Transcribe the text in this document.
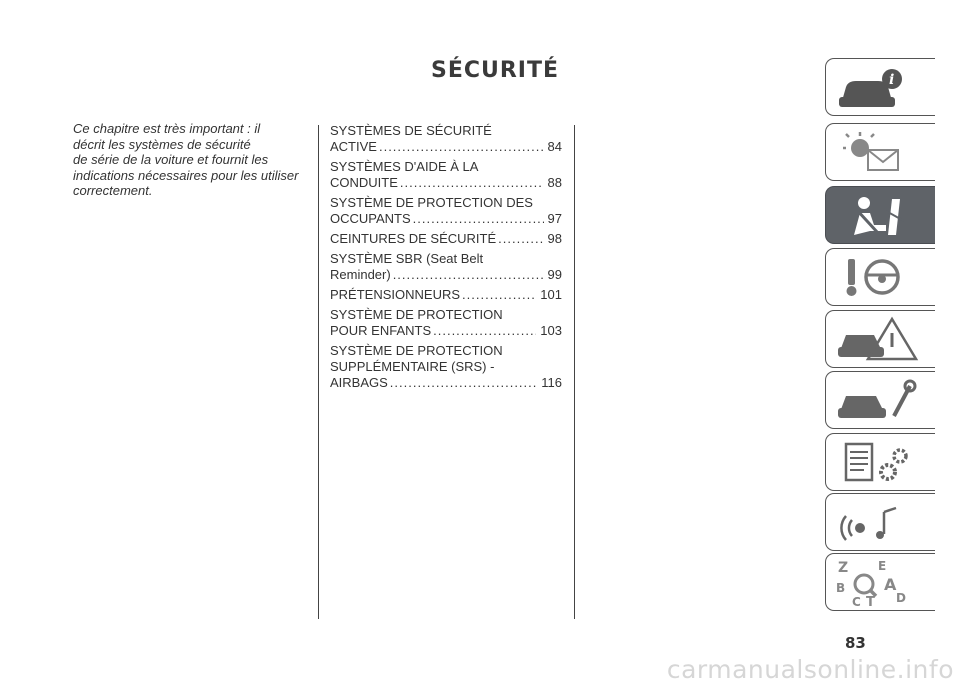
SÉCURITÉ
Ce chapitre est très important : il
décrit les systèmes de sécurité
de série de la voiture et fournit les
indications nécessaires pour les utiliser
correctement.
SYSTÈMES DE SÉCURITÉ
ACTIVE .....	84
SYSTÈMES D'AIDE À LA
CONDUITE .....	88
SYSTÈME DE PROTECTION DES
OCCUPANTS .....	97
CEINTURES DE SÉCURITÉ .....	98
SYSTÈME SBR (Seat Belt
Reminder) .....	99
PRÉTENSIONNEURS .....	101
SYSTÈME DE PROTECTION
POUR ENFANTS .....	103
SYSTÈME DE PROTECTION
SUPPLÉMENTAIRE (SRS) -
AIRBAGS .....	116
i
Z E
B A
C T D
83
carmanualsonline.info
